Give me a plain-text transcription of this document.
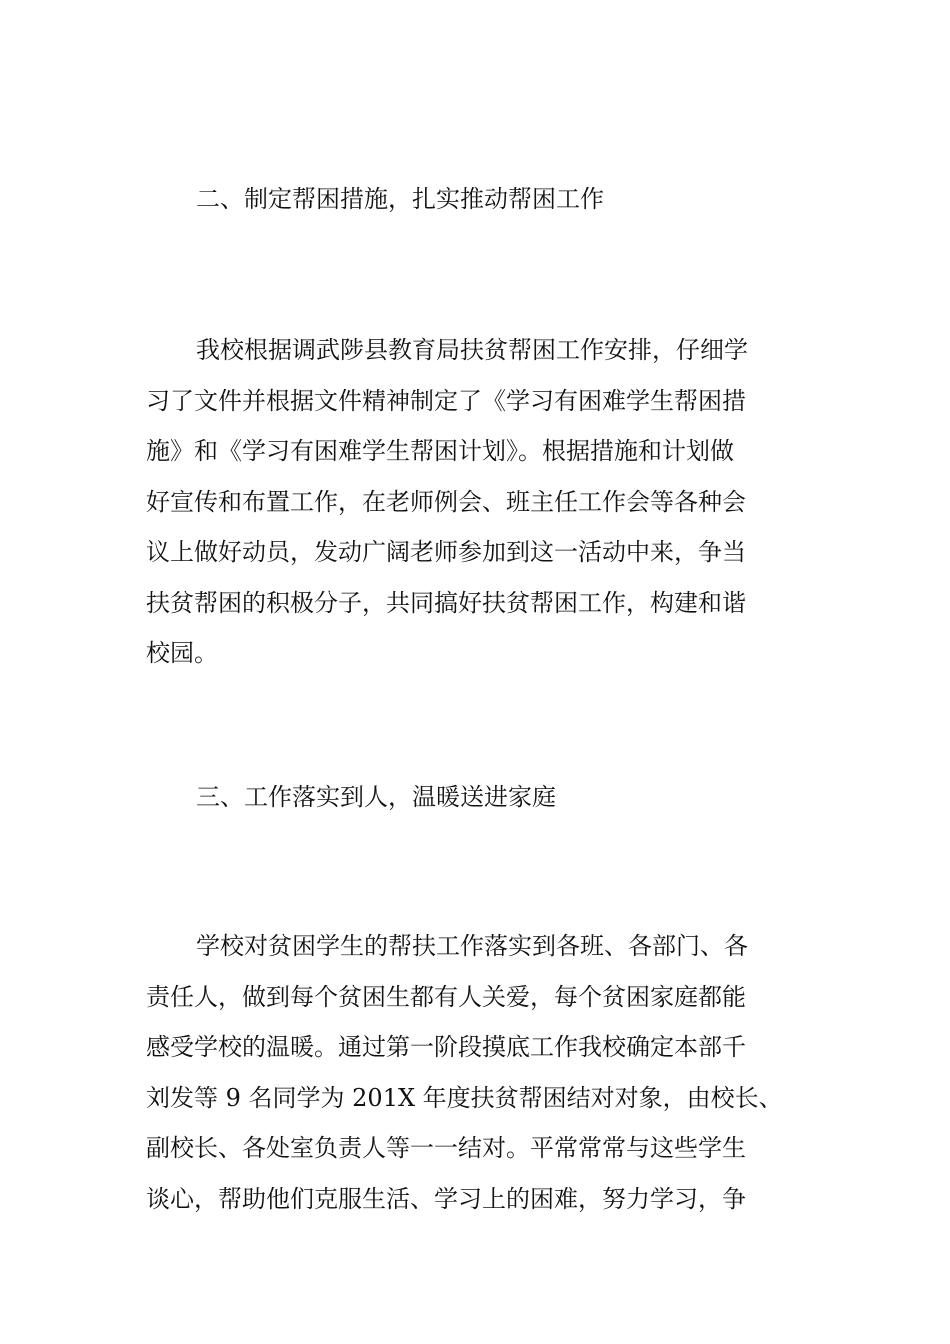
二、制定帮困措施，扎实推动帮困工作
我校根据调武陟县教育局扶贫帮困工作安排，仔细学
习了文件并根据文件精神制定了《学习有困难学生帮困措
施》和《学习有困难学生帮困计划》。根据措施和计划做
好宣传和布置工作，在老师例会、班主任工作会等各种会
议上做好动员，发动广阔老师参加到这一活动中来，争当
扶贫帮困的积极分子，共同搞好扶贫帮困工作，构建和谐
校园。
三、工作落实到人，温暖送进家庭
学校对贫困学生的帮扶工作落实到各班、各部门、各
责任人，做到每个贫困生都有人关爱，每个贫困家庭都能
感受学校的温暖。通过第一阶段摸底工作我校确定本部千
刘发等 9 名同学为 201X 年度扶贫帮困结对对象，由校长、
副校长、各处室负责人等一一结对。平常常常与这些学生
谈心，帮助他们克服生活、学习上的困难，努力学习，争
